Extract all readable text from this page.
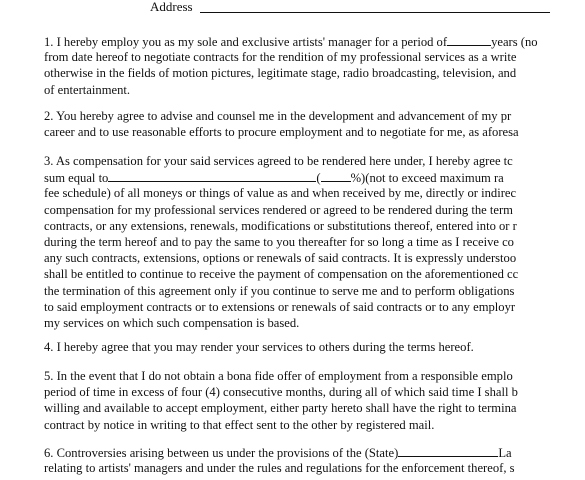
Address
1. I hereby employ you as my sole and exclusive artists' manager for a period of	years (no
from date hereof to negotiate contracts for the rendition of my professional services as a write
otherwise in the fields of motion pictures, legitimate stage, radio broadcasting, television, and
of entertainment.
2. You hereby agree to advise and counsel me in the development and advancement of my pr
career and to use reasonable efforts to procure employment and to negotiate for me, as aforesa
3. As compensation for your said services agreed to be rendered here under, I hereby agree tc
sum equal to	( %)(not to exceed maximum ra
fee schedule) of all moneys or things of value as and when received by me, directly or indirec
compensation for my professional services rendered or agreed to be rendered during the term
contracts, or any extensions, renewals, modifications or substitutions thereof, entered into or r
during the term hereof and to pay the same to you thereafter for so long a time as I receive co
any such contracts, extensions, options or renewals of said contracts. It is expressly understoo
shall be entitled to continue to receive the payment of compensation on the aforementioned cc
the termination of this agreement only if you continue to serve me and to perform obligations
to said employment contracts or to extensions or renewals of said contracts or to any employr
my services on which such compensation is based.
4. I hereby agree that you may render your services to others during the terms hereof.
5. In the event that I do not obtain a bona fide offer of employment from a responsible emplo
period of time in excess of four (4) consecutive months, during all of which said time I shall b
willing and available to accept employment, either party hereto shall have the right to termina
contract by notice in writing to that effect sent to the other by registered mail.
6. Controversies arising between us under the provisions of the (State)	La
relating to artists' managers and under the rules and regulations for the enforcement thereof, s
